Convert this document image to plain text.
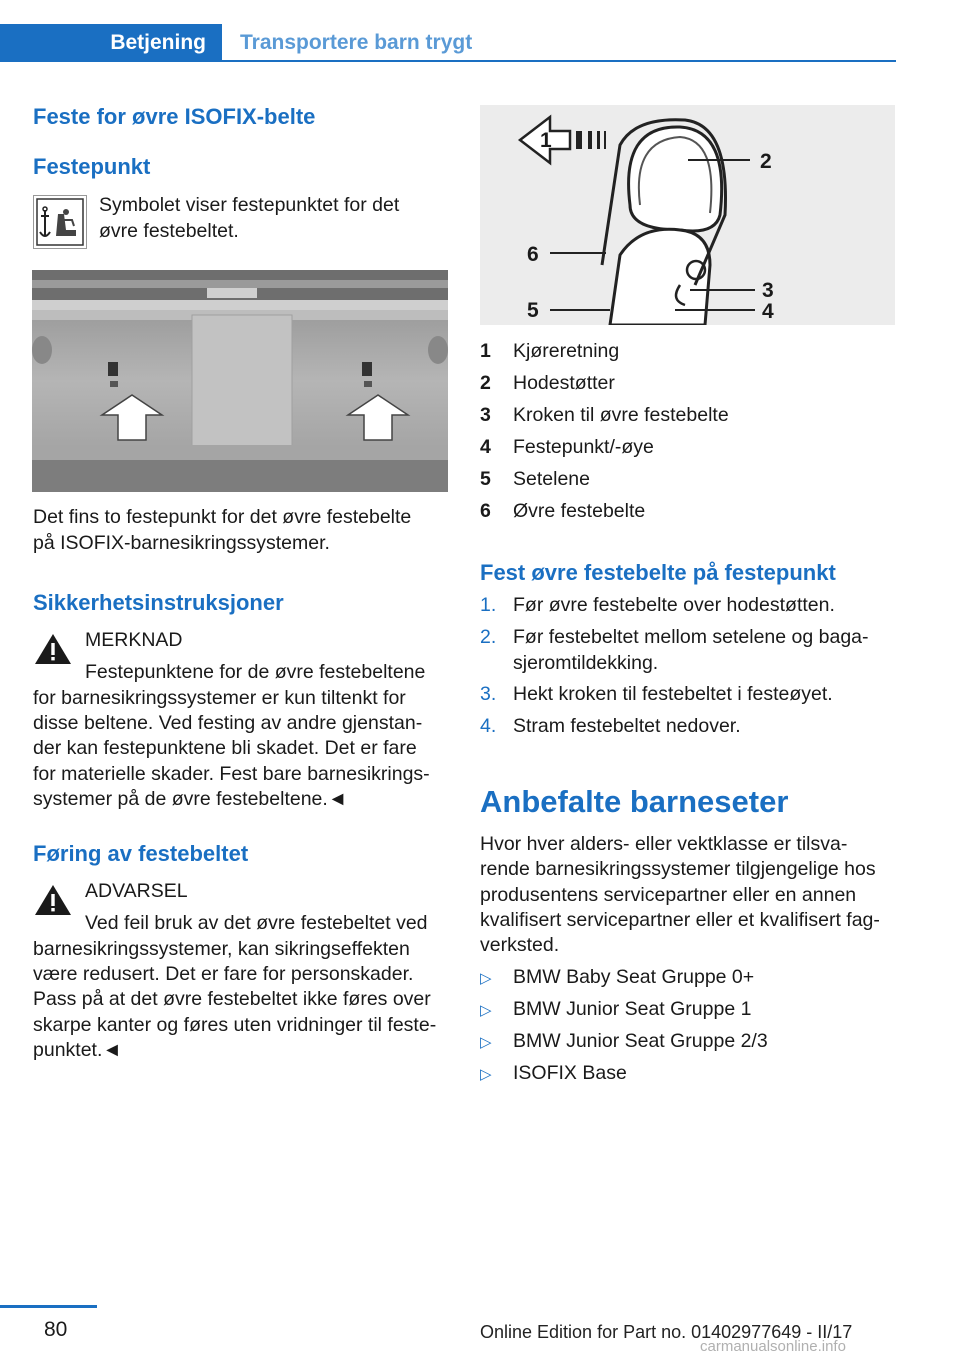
Betjening	Transportere barn trygt
Feste for øvre ISOFIX-belte
Festepunkt
Symbolet viser festepunktet for det
øvre festebeltet.
Det fins to festepunkt for det øvre festebelte
på ISOFIX-barnesikringssystemer.
Sikkerhetsinstruksjoner
MERKNAD
Festepunktene for de øvre festebeltene
for barnesikringssystemer er kun tiltenkt for
disse beltene. Ved festing av andre gjenstan-
der kan festepunktene bli skadet. Det er fare
for materielle skader. Fest bare barnesikrings-
systemer på de øvre festebeltene.◄
Føring av festebeltet
ADVARSEL
Ved feil bruk av det øvre festebeltet ved
barnesikringssystemer, kan sikringseffekten
være redusert. Det er fare for personskader.
Pass på at det øvre festebeltet ikke føres over
skarpe kanter og føres uten vridninger til feste-
punktet.◄
1
2
3
4
5
6
1 Kjøreretning
2 Hodestøtter
3 Kroken til øvre festebelte
4 Festepunkt/-øye
5 Setelene
6 Øvre festebelte
Fest øvre festebelte på festepunkt
1. Før øvre festebelte over hodestøtten.
2. Før festebeltet mellom setelene og baga-
sjeromtildekking.
3. Hekt kroken til festebeltet i festeøyet.
4. Stram festebeltet nedover.
Anbefalte barneseter
Hvor hver alders- eller vektklasse er tilsva-
rende barnesikringssystemer tilgjengelige hos
produsentens servicepartner eller en annen
kvalifisert servicepartner eller et kvalifisert fag-
verksted.
▷ BMW Baby Seat Gruppe 0+
▷ BMW Junior Seat Gruppe 1
▷ BMW Junior Seat Gruppe 2/3
▷ ISOFIX Base
80	Online Edition for Part no. 01402977649 - II/17
carmanualsonline.info
